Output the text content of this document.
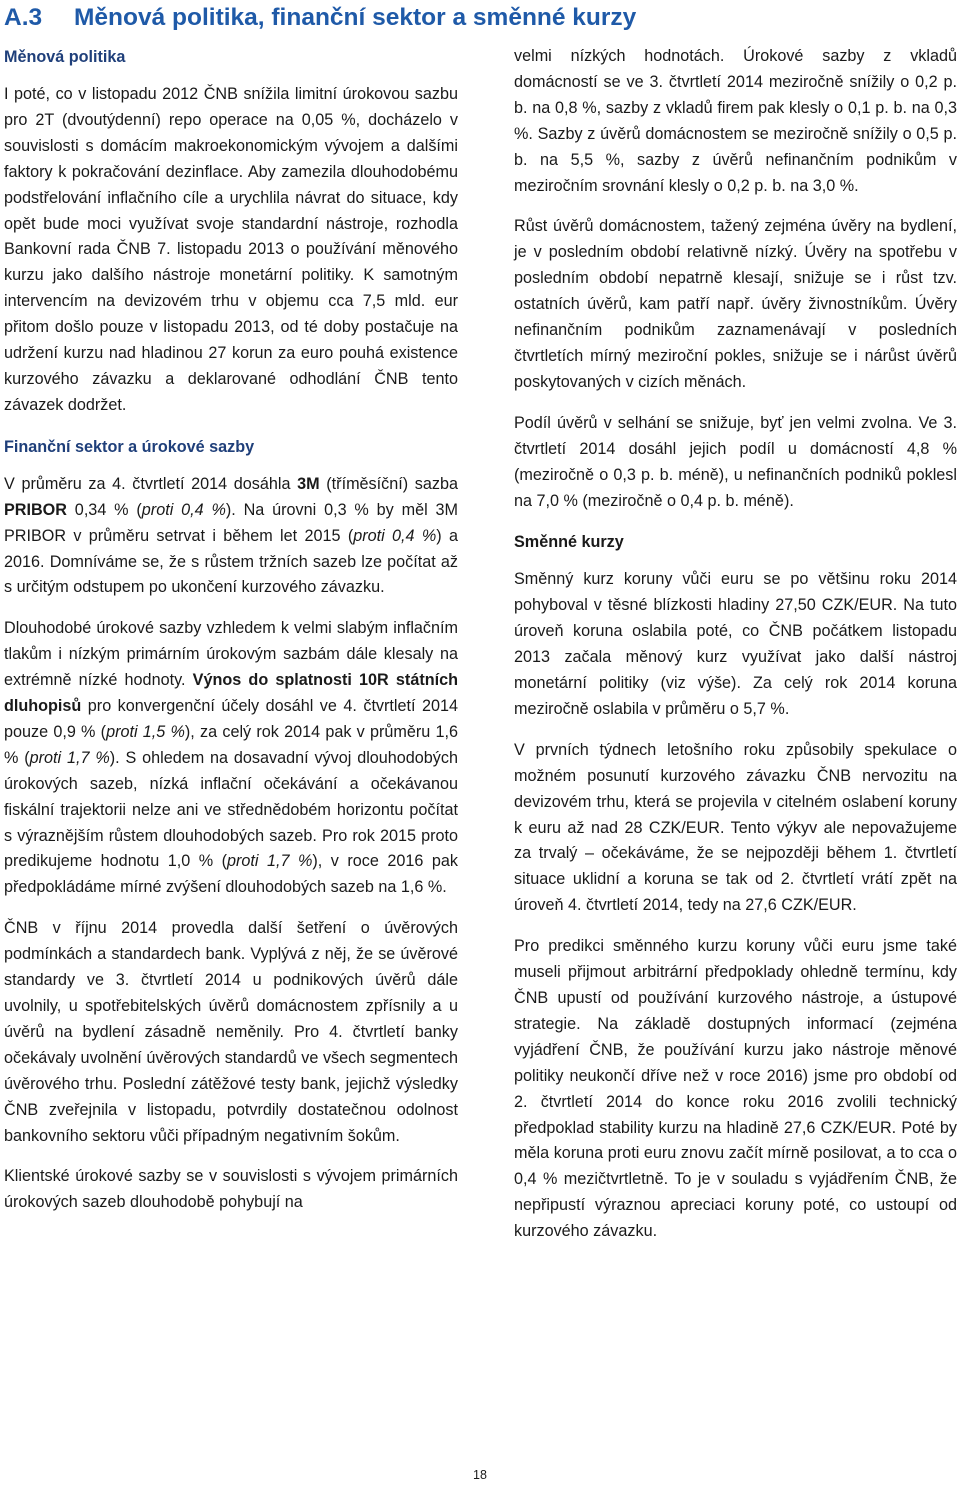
A.3	Měnová politika, finanční sektor a směnné kurzy
Měnová politika

I poté, co v listopadu 2012 ČNB snížila limitní úrokovou sazbu pro 2T (dvoutýdenní) repo operace na 0,05 %, docházelo v souvislosti s domácím makroekonomickým vývojem a dalšími faktory k pokračování dezinflace. Aby zamezila dlouhodobému podstřelování inflačního cíle a urychlila návrat do situace, kdy opět bude moci využívat svoje standardní nástroje, rozhodla Bankovní rada ČNB 7. listopadu 2013 o používání měnového kurzu jako dalšího nástroje monetární politiky. K samotným intervencím na devizovém trhu v objemu cca 7,5 mld. eur přitom došlo pouze v listopadu 2013, od té doby postačuje na udržení kurzu nad hladinou 27 korun za euro pouhá existence kurzového závazku a deklarované odhodlání ČNB tento závazek dodržet.

Finanční sektor a úrokové sazby

V průměru za 4. čtvrtletí 2014 dosáhla 3M (tříměsíční) sazba PRIBOR 0,34 % (proti 0,4 %). Na úrovni 0,3 % by měl 3M PRIBOR v průměru setrvat i během let 2015 (proti 0,4 %) a 2016. Domníváme se, že s růstem tržních sazeb lze počítat až s určitým odstupem po ukončení kurzového závazku.

Dlouhodobé úrokové sazby vzhledem k velmi slabým inflačním tlakům i nízkým primárním úrokovým sazbám dále klesaly na extrémně nízké hodnoty. Výnos do splatnosti 10R státních dluhopisů pro konvergenční účely dosáhl ve 4. čtvrtletí 2014 pouze 0,9 % (proti 1,5 %), za celý rok 2014 pak v průměru 1,6 % (proti 1,7 %). S ohledem na dosavadní vývoj dlouhodobých úrokových sazeb, nízká inflační očekávání a očekávanou fiskální trajektorii nelze ani ve střednědobém horizontu počítat s výraznějším růstem dlouhodobých sazeb. Pro rok 2015 proto predikujeme hodnotu 1,0 % (proti 1,7 %), v roce 2016 pak předpokládáme mírné zvýšení dlouhodobých sazeb na 1,6 %.

ČNB v říjnu 2014 provedla další šetření o úvěrových podmínkách a standardech bank. Vyplývá z něj, že se úvěrové standardy ve 3. čtvrtletí 2014 u podnikových úvěrů dále uvolnily, u spotřebitelských úvěrů domácnostem zpřísnily a u úvěrů na bydlení zásadně neměnily. Pro 4. čtvrtletí banky očekávaly uvolnění úvěrových standardů ve všech segmentech úvěrového trhu. Poslední zátěžové testy bank, jejichž výsledky ČNB zveřejnila v listopadu, potvrdily dostatečnou odolnost bankovního sektoru vůči případným negativním šokům.

Klientské úrokové sazby se v souvislosti s vývojem primárních úrokových sazeb dlouhodobě pohybují na

velmi nízkých hodnotách. Úrokové sazby z vkladů domácností se ve 3. čtvrtletí 2014 meziročně snížily o 0,2 p. b. na 0,8 %, sazby z vkladů firem pak klesly o 0,1 p. b. na 0,3 %. Sazby z úvěrů domácnostem se meziročně snížily o 0,5 p. b. na 5,5 %, sazby z úvěrů nefinančním podnikům v meziročním srovnání klesly o 0,2 p. b. na 3,0 %.

Růst úvěrů domácnostem, tažený zejména úvěry na bydlení, je v posledním období relativně nízký. Úvěry na spotřebu v posledním období nepatrně klesají, snižuje se i růst tzv. ostatních úvěrů, kam patří např. úvěry živnostníkům. Úvěry nefinančním podnikům zaznamenávají v posledních čtvrtletích mírný meziroční pokles, snižuje se i nárůst úvěrů poskytovaných v cizích měnách.

Podíl úvěrů v selhání se snižuje, byť jen velmi zvolna. Ve 3. čtvrtletí 2014 dosáhl jejich podíl u domácností 4,8 % (meziročně o 0,3 p. b. méně), u nefinančních podniků poklesl na 7,0 % (meziročně o 0,4 p. b. méně).

Směnné kurzy

Směnný kurz koruny vůči euru se po většinu roku 2014 pohyboval v těsné blízkosti hladiny 27,50 CZK/EUR. Na tuto úroveň koruna oslabila poté, co ČNB počátkem listopadu 2013 začala měnový kurz využívat jako další nástroj monetární politiky (viz výše). Za celý rok 2014 koruna meziročně oslabila v průměru o 5,7 %.

V prvních týdnech letošního roku způsobily spekulace o možném posunutí kurzového závazku ČNB nervozitu na devizovém trhu, která se projevila v citelném oslabení koruny k euru až nad 28 CZK/EUR. Tento výkyv ale nepovažujeme za trvalý – očekáváme, že se nejpozději během 1. čtvrtletí situace uklidní a koruna se tak od 2. čtvrtletí vrátí zpět na úroveň 4. čtvrtletí 2014, tedy na 27,6 CZK/EUR.

Pro predikci směnného kurzu koruny vůči euru jsme také museli přijmout arbitrární předpoklady ohledně termínu, kdy ČNB upustí od používání kurzového nástroje, a ústupové strategie. Na základě dostupných informací (zejména vyjádření ČNB, že používání kurzu jako nástroje měnové politiky neukončí dříve než v roce 2016) jsme pro období od 2. čtvrtletí 2014 do konce roku 2016 zvolili technický předpoklad stability kurzu na hladině 27,6 CZK/EUR. Poté by měla koruna proti euru znovu začít mírně posilovat, a to cca o 0,4 % mezičtvrtletně. To je v souladu s vyjádřením ČNB, že nepřipustí výraznou apreciaci koruny poté, co ustoupí od kurzového závazku.

18
